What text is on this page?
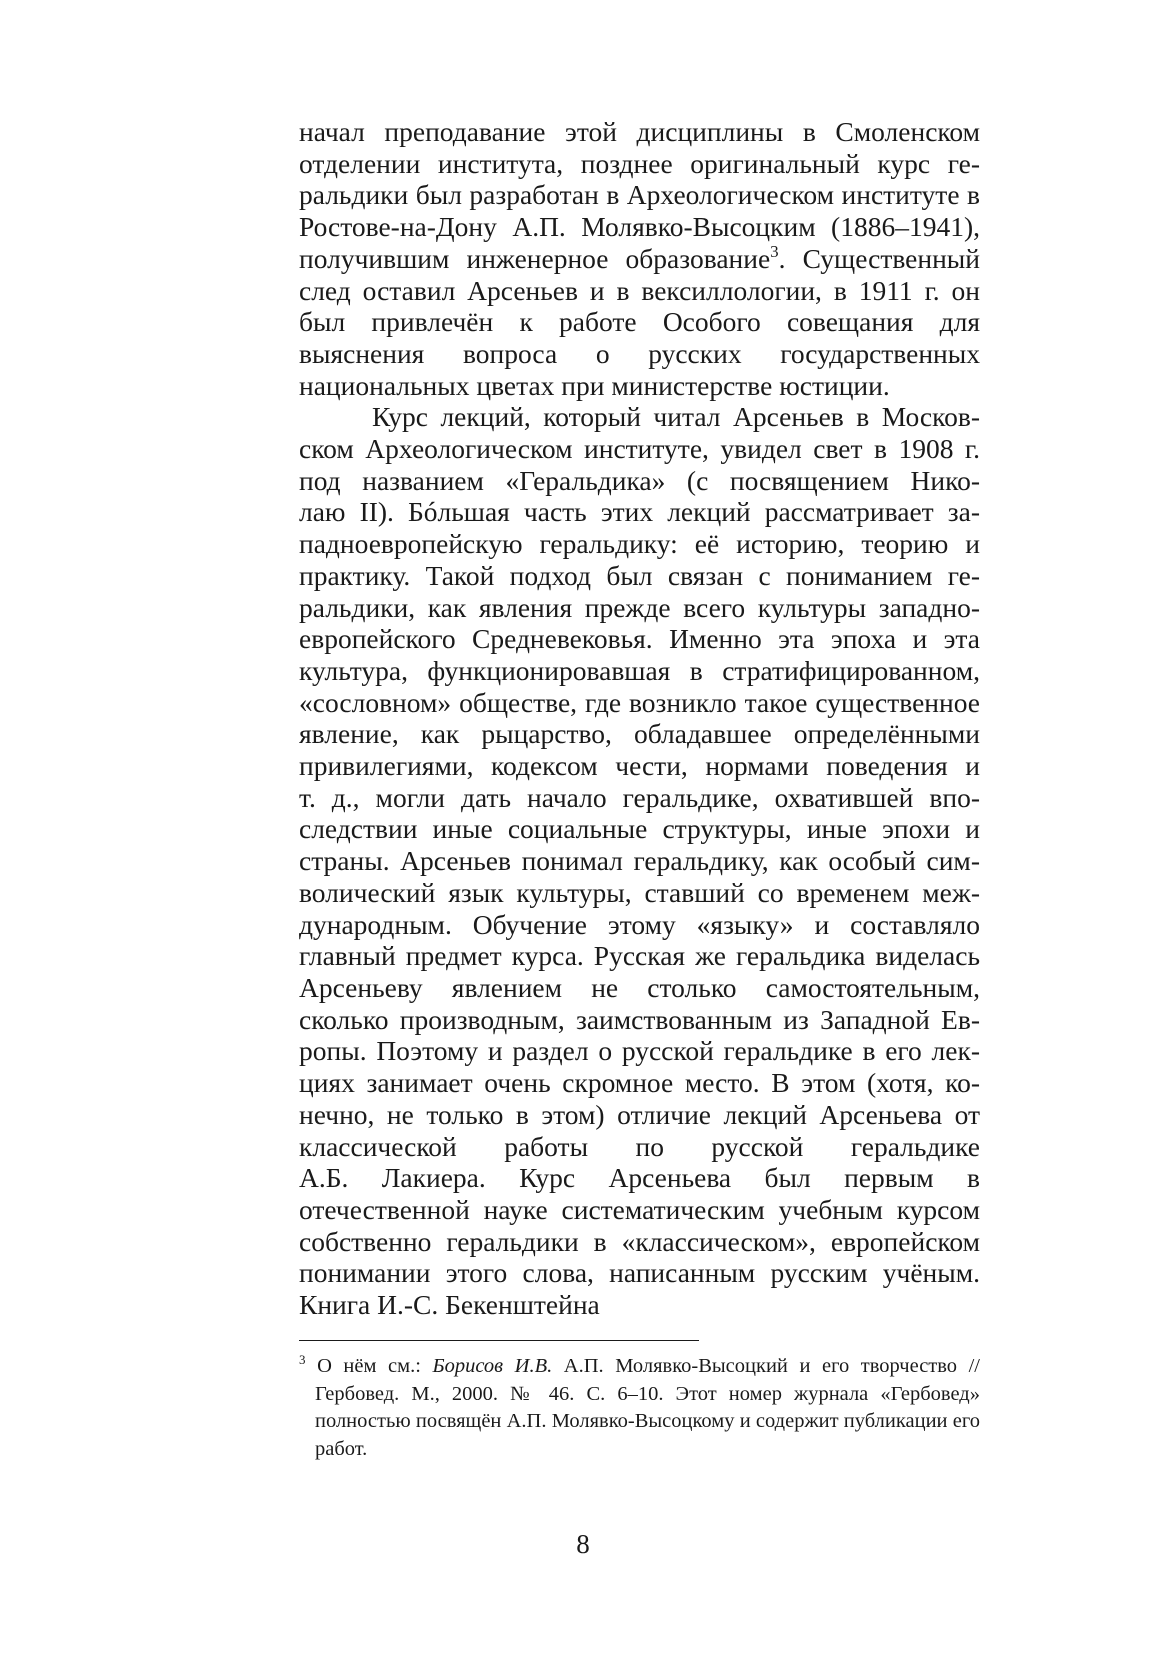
начал преподавание этой дисциплины в Смоленском отделении института, позднее оригинальный курс геральдики был разработан в Археологическом институте в Ростове-на-Дону А.П. Молявко-Высоцким (1886–1941), получившим инженерное образование$^3$. Существенный след оставил Арсеньев и в вексиллологии, в 1911 г. он был привлечён к работе Особого совещания для выяснения вопроса о русских государственных национальных цветах при министерстве юстиции.

Курс лекций, который читал Арсеньев в Московском Археологическом институте, увидел свет в 1908 г. под названием «Геральдика» (с посвящением Николаю II). Бóльшая часть этих лекций рассматривает западноевропейскую геральдику: её историю, теорию и практику. Такой подход был связан с пониманием геральдики, как явления прежде всего культуры западноевропейского Средневековья. Именно эта эпоха и эта культура, функционировавшая в стратифицированном, «сословном» обществе, где возникло такое существенное явление, как рыцарство, обладавшее определёнными привилегиями, кодексом чести, нормами поведения и т. д., могли дать начало геральдике, охватившей впоследствии иные социальные структуры, иные эпохи и страны. Арсеньев понимал геральдику, как особый символический язык культуры, ставший со временем международным. Обучение этому «языку» и составляло главный предмет курса. Русская же геральдика виделась Арсеньеву явлением не столько самостоятельным, сколько производным, заимствованным из Западной Европы. Поэтому и раздел о русской геральдике в его лекциях занимает очень скромное место. В этом (хотя, конечно, не только в этом) отличие лекций Арсеньева от классической работы по русской геральдике А.Б. Лакиера. Курс Арсеньева был первым в отечественной науке систематическим учебным курсом собственно геральдики в «классическом», европейском понимании этого слова, написанным русским учёным. Книга И.-С. Бекенштейна

$^3$ О нём см.: Борисов И.В. А.П. Молявко-Высоцкий и его творчество // Гербовед. М., 2000. № 46. С. 6–10. Этот номер журнала «Гербовед» полностью посвящён А.П. Молявко-Высоцкому и содержит публикации его работ.
8
